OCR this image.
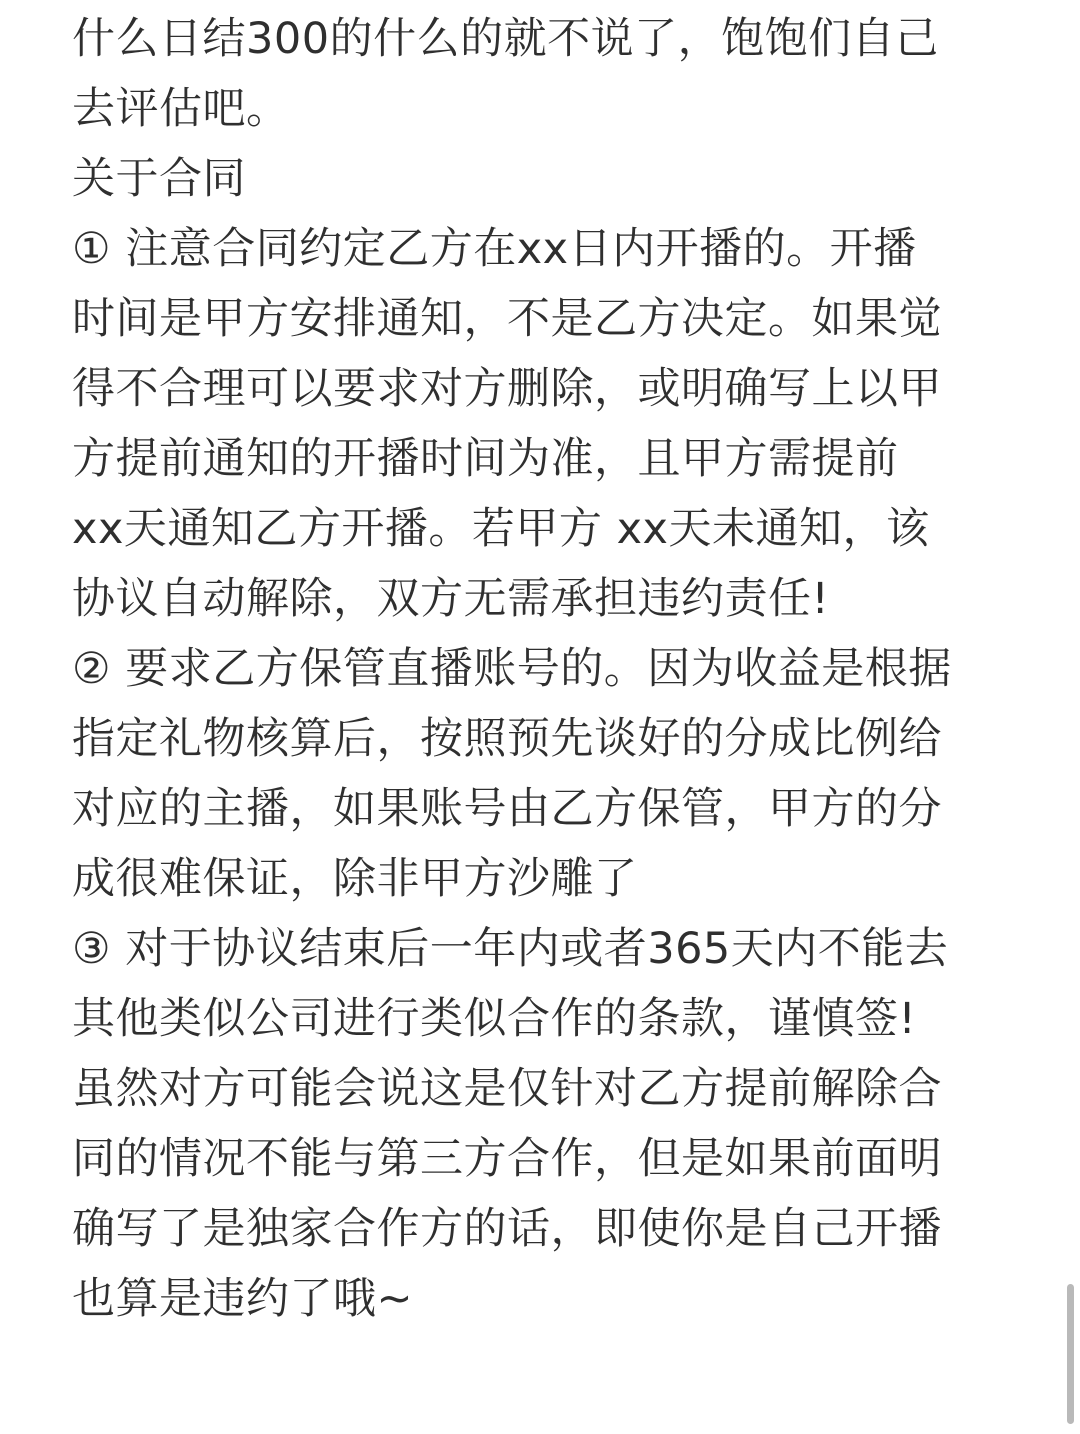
什么日结300的什么的就不说了，饱饱们自己
去评估吧。
关于合同
① 注意合同约定乙方在xx日内开播的。开播
时间是甲方安排通知，不是乙方决定。如果觉
得不合理可以要求对方删除，或明确写上以甲
方提前通知的开播时间为准，且甲方需提前
xx天通知乙方开播。若甲方 xx天未通知，该
协议自动解除，双方无需承担违约责任!
② 要求乙方保管直播账号的。因为收益是根据
指定礼物核算后，按照预先谈好的分成比例给
对应的主播，如果账号由乙方保管，甲方的分
成很难保证，除非甲方沙雕了
③ 对于协议结束后一年内或者365天内不能去
其他类似公司进行类似合作的条款，谨慎签!
虽然对方可能会说这是仅针对乙方提前解除合
同的情况不能与第三方合作，但是如果前面明
确写了是独家合作方的话，即使你是自己开播
也算是违约了哦~
